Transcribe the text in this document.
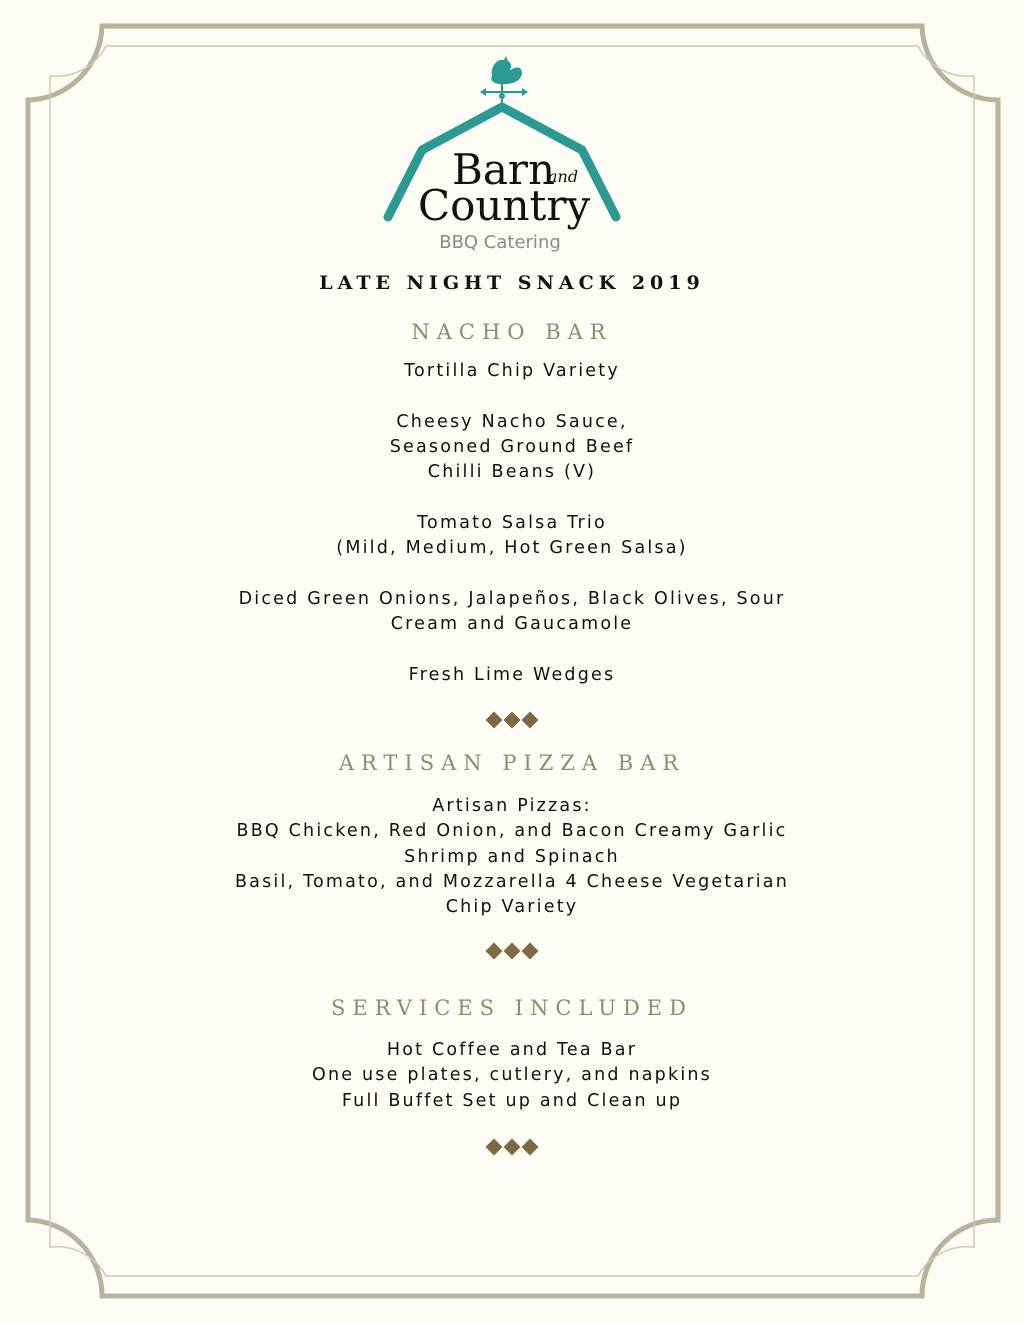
Barn
and
Country
BBQ Catering
LATE NIGHT SNACK 2019
NACHO BAR
Tortilla Chip Variety

Cheesy Nacho Sauce,
Seasoned Ground Beef
Chilli Beans (V)

Tomato Salsa Trio
(Mild, Medium, Hot Green Salsa)

Diced Green Onions, Jalapeños, Black Olives, Sour
Cream and Gaucamole

Fresh Lime Wedges
ARTISAN PIZZA BAR
Artisan Pizzas:
BBQ Chicken, Red Onion, and Bacon Creamy Garlic
Shrimp and Spinach
Basil, Tomato, and Mozzarella 4 Cheese Vegetarian
Chip Variety
SERVICES INCLUDED
Hot Coffee and Tea Bar
One use plates, cutlery, and napkins
Full Buffet Set up and Clean up
